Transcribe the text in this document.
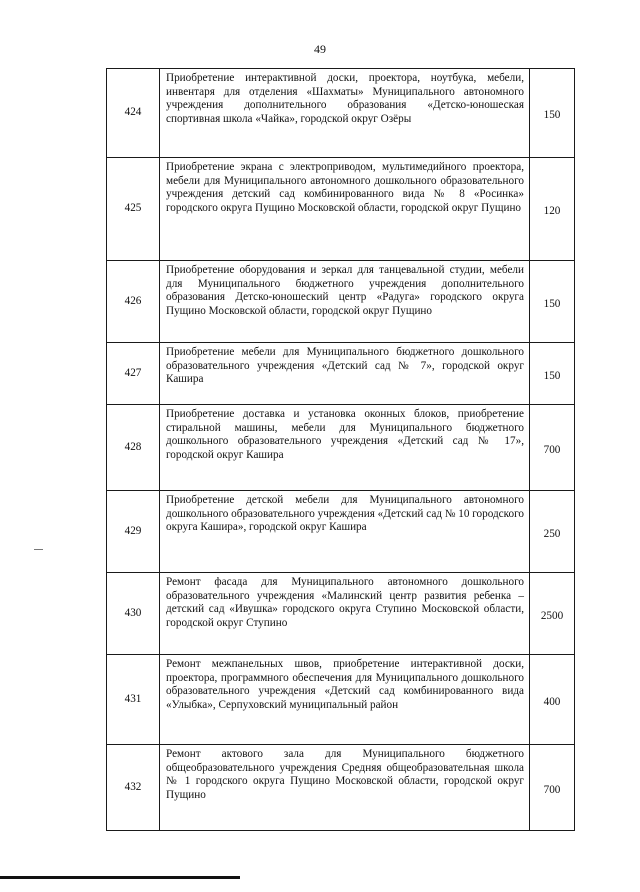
49
424	Приобретение интерактивной доски, проектора, ноутбука, мебели, инвентаря для отделения «Шахматы» Муниципального автономного учреждения дополнительного образования «Детско-юношеская спортивная школа «Чайка», городской округ Озёры	150
425	Приобретение экрана с электроприводом, мультимедийного проектора, мебели для Муниципального автономного дошкольного образовательного учреждения детский сад комбинированного вида № 8 «Росинка» городского округа Пущино Московской области, городской округ Пущино	120
426	Приобретение оборудования и зеркал для танцевальной студии, мебели для Муниципального бюджетного учреждения дополнительного образования Детско-юношеский центр «Радуга» городского округа Пущино Московской области, городской округ Пущино	150
427	Приобретение мебели для Муниципального бюджетного дошкольного образовательного учреждения «Детский сад № 7», городской округ Кашира	150
428	Приобретение доставка и установка оконных блоков, приобретение стиральной машины, мебели для Муниципального бюджетного дошкольного образовательного учреждения «Детский сад № 17», городской округ Кашира	700
429	Приобретение детской мебели для Муниципального автономного дошкольного образовательного учреждения «Детский сад № 10 городского округа Кашира», городской округ Кашира	250
430	Ремонт фасада для Муниципального автономного дошкольного образовательного учреждения «Малинский центр развития ребенка – детский сад «Ивушка» городского округа Ступино Московской области, городской округ Ступино	2500
431	Ремонт межпанельных швов, приобретение интерактивной доски, проектора, программного обеспечения для Муниципального дошкольного образовательного учреждения «Детский сад комбинированного вида «Улыбка», Серпуховский муниципальный район	400
432	Ремонт актового зала для Муниципального бюджетного общеобразовательного учреждения Средняя общеобразовательная школа № 1 городского округа Пущино Московской области, городской округ Пущино	700
